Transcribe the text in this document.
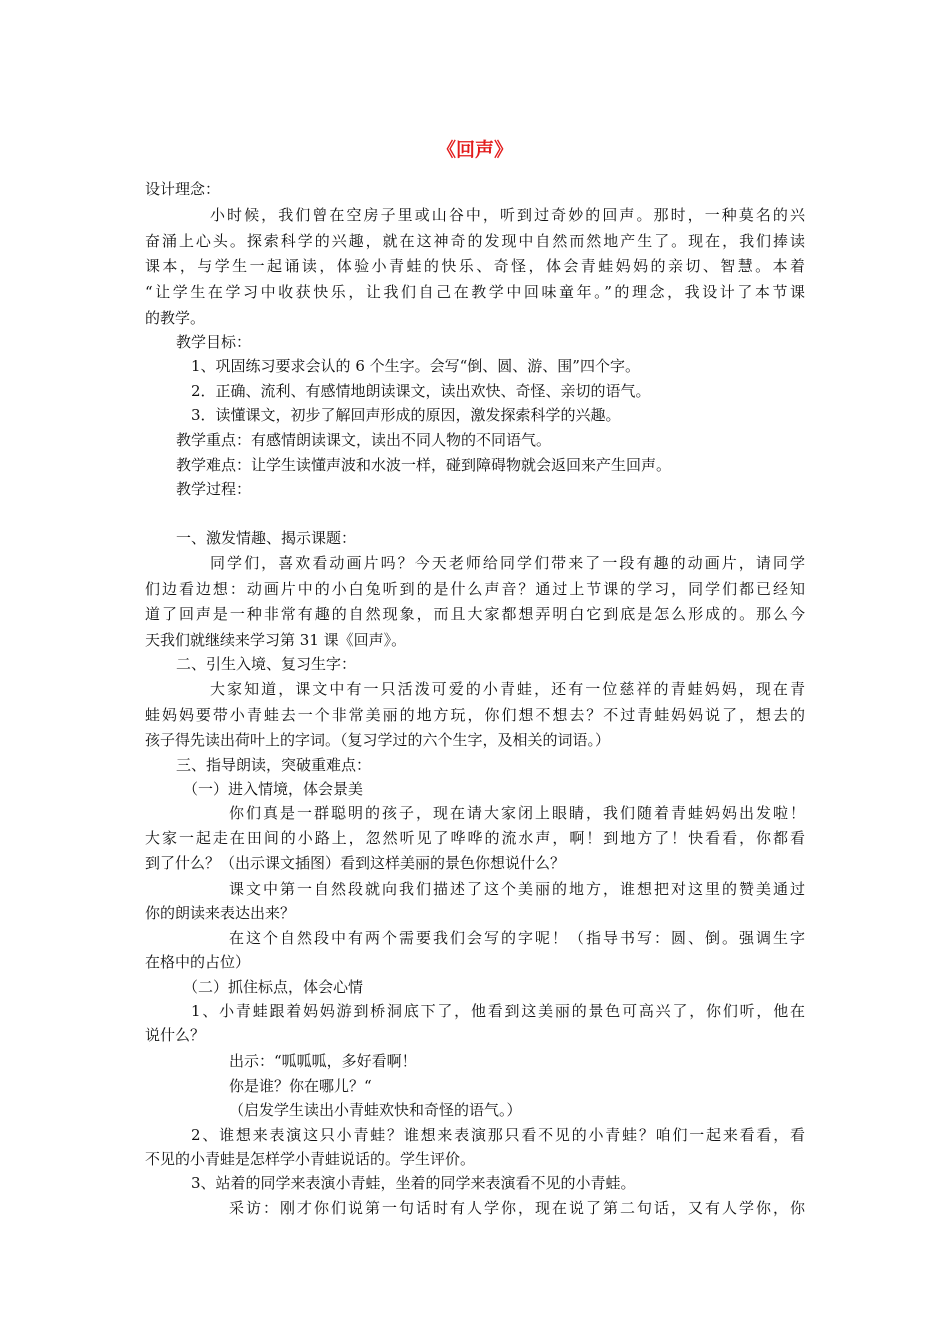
《回声》
设计理念：
小时候，我们曾在空房子里或山谷中，听到过奇妙的回声。那时，一种莫名的兴
奋涌上心头。探索科学的兴趣，就在这神奇的发现中自然而然地产生了。现在，我们捧读
课本，与学生一起诵读，体验小青蛙的快乐、奇怪，体会青蛙妈妈的亲切、智慧。本着
“让学生在学习中收获快乐，让我们自己在教学中回味童年。”的理念，我设计了本节课
的教学。
教学目标：
1、巩固练习要求会认的 6 个生字。会写“倒、圆、游、围”四个字。
2．正确、流利、有感情地朗读课文，读出欢快、奇怪、亲切的语气。
3．读懂课文，初步了解回声形成的原因，激发探索科学的兴趣。
教学重点：有感情朗读课文，读出不同人物的不同语气。
教学难点：让学生读懂声波和水波一样，碰到障碍物就会返回来产生回声。
教学过程：
一、激发情趣、揭示课题：
同学们，喜欢看动画片吗？今天老师给同学们带来了一段有趣的动画片，请同学
们边看边想：动画片中的小白兔听到的是什么声音？通过上节课的学习，同学们都已经知
道了回声是一种非常有趣的自然现象，而且大家都想弄明白它到底是怎么形成的。那么今
天我们就继续来学习第 31 课《回声》。
二、引生入境、复习生字：
大家知道，课文中有一只活泼可爱的小青蛙，还有一位慈祥的青蛙妈妈，现在青
蛙妈妈要带小青蛙去一个非常美丽的地方玩，你们想不想去？不过青蛙妈妈说了，想去的
孩子得先读出荷叶上的字词。（复习学过的六个生字，及相关的词语。）
三、指导朗读，突破重难点：
（一）进入情境，体会景美
你们真是一群聪明的孩子，现在请大家闭上眼睛，我们随着青蛙妈妈出发啦！
大家一起走在田间的小路上，忽然听见了哗哗的流水声，啊！到地方了！快看看，你都看
到了什么？（出示课文插图）看到这样美丽的景色你想说什么？
课文中第一自然段就向我们描述了这个美丽的地方，谁想把对这里的赞美通过
你的朗读来表达出来？
在这个自然段中有两个需要我们会写的字呢！（指导书写：圆、倒。强调生字
在格中的占位）
（二）抓住标点，体会心情
1、小青蛙跟着妈妈游到桥洞底下了，他看到这美丽的景色可高兴了，你们听，他在
说什么？
出示：“呱呱呱，多好看啊！
你是谁？你在哪儿？“
（启发学生读出小青蛙欢快和奇怪的语气。）
2、谁想来表演这只小青蛙？谁想来表演那只看不见的小青蛙？咱们一起来看看，看
不见的小青蛙是怎样学小青蛙说话的。学生评价。
3、站着的同学来表演小青蛙，坐着的同学来表演看不见的小青蛙。
采访：刚才你们说第一句话时有人学你，现在说了第二句话，又有人学你，你
